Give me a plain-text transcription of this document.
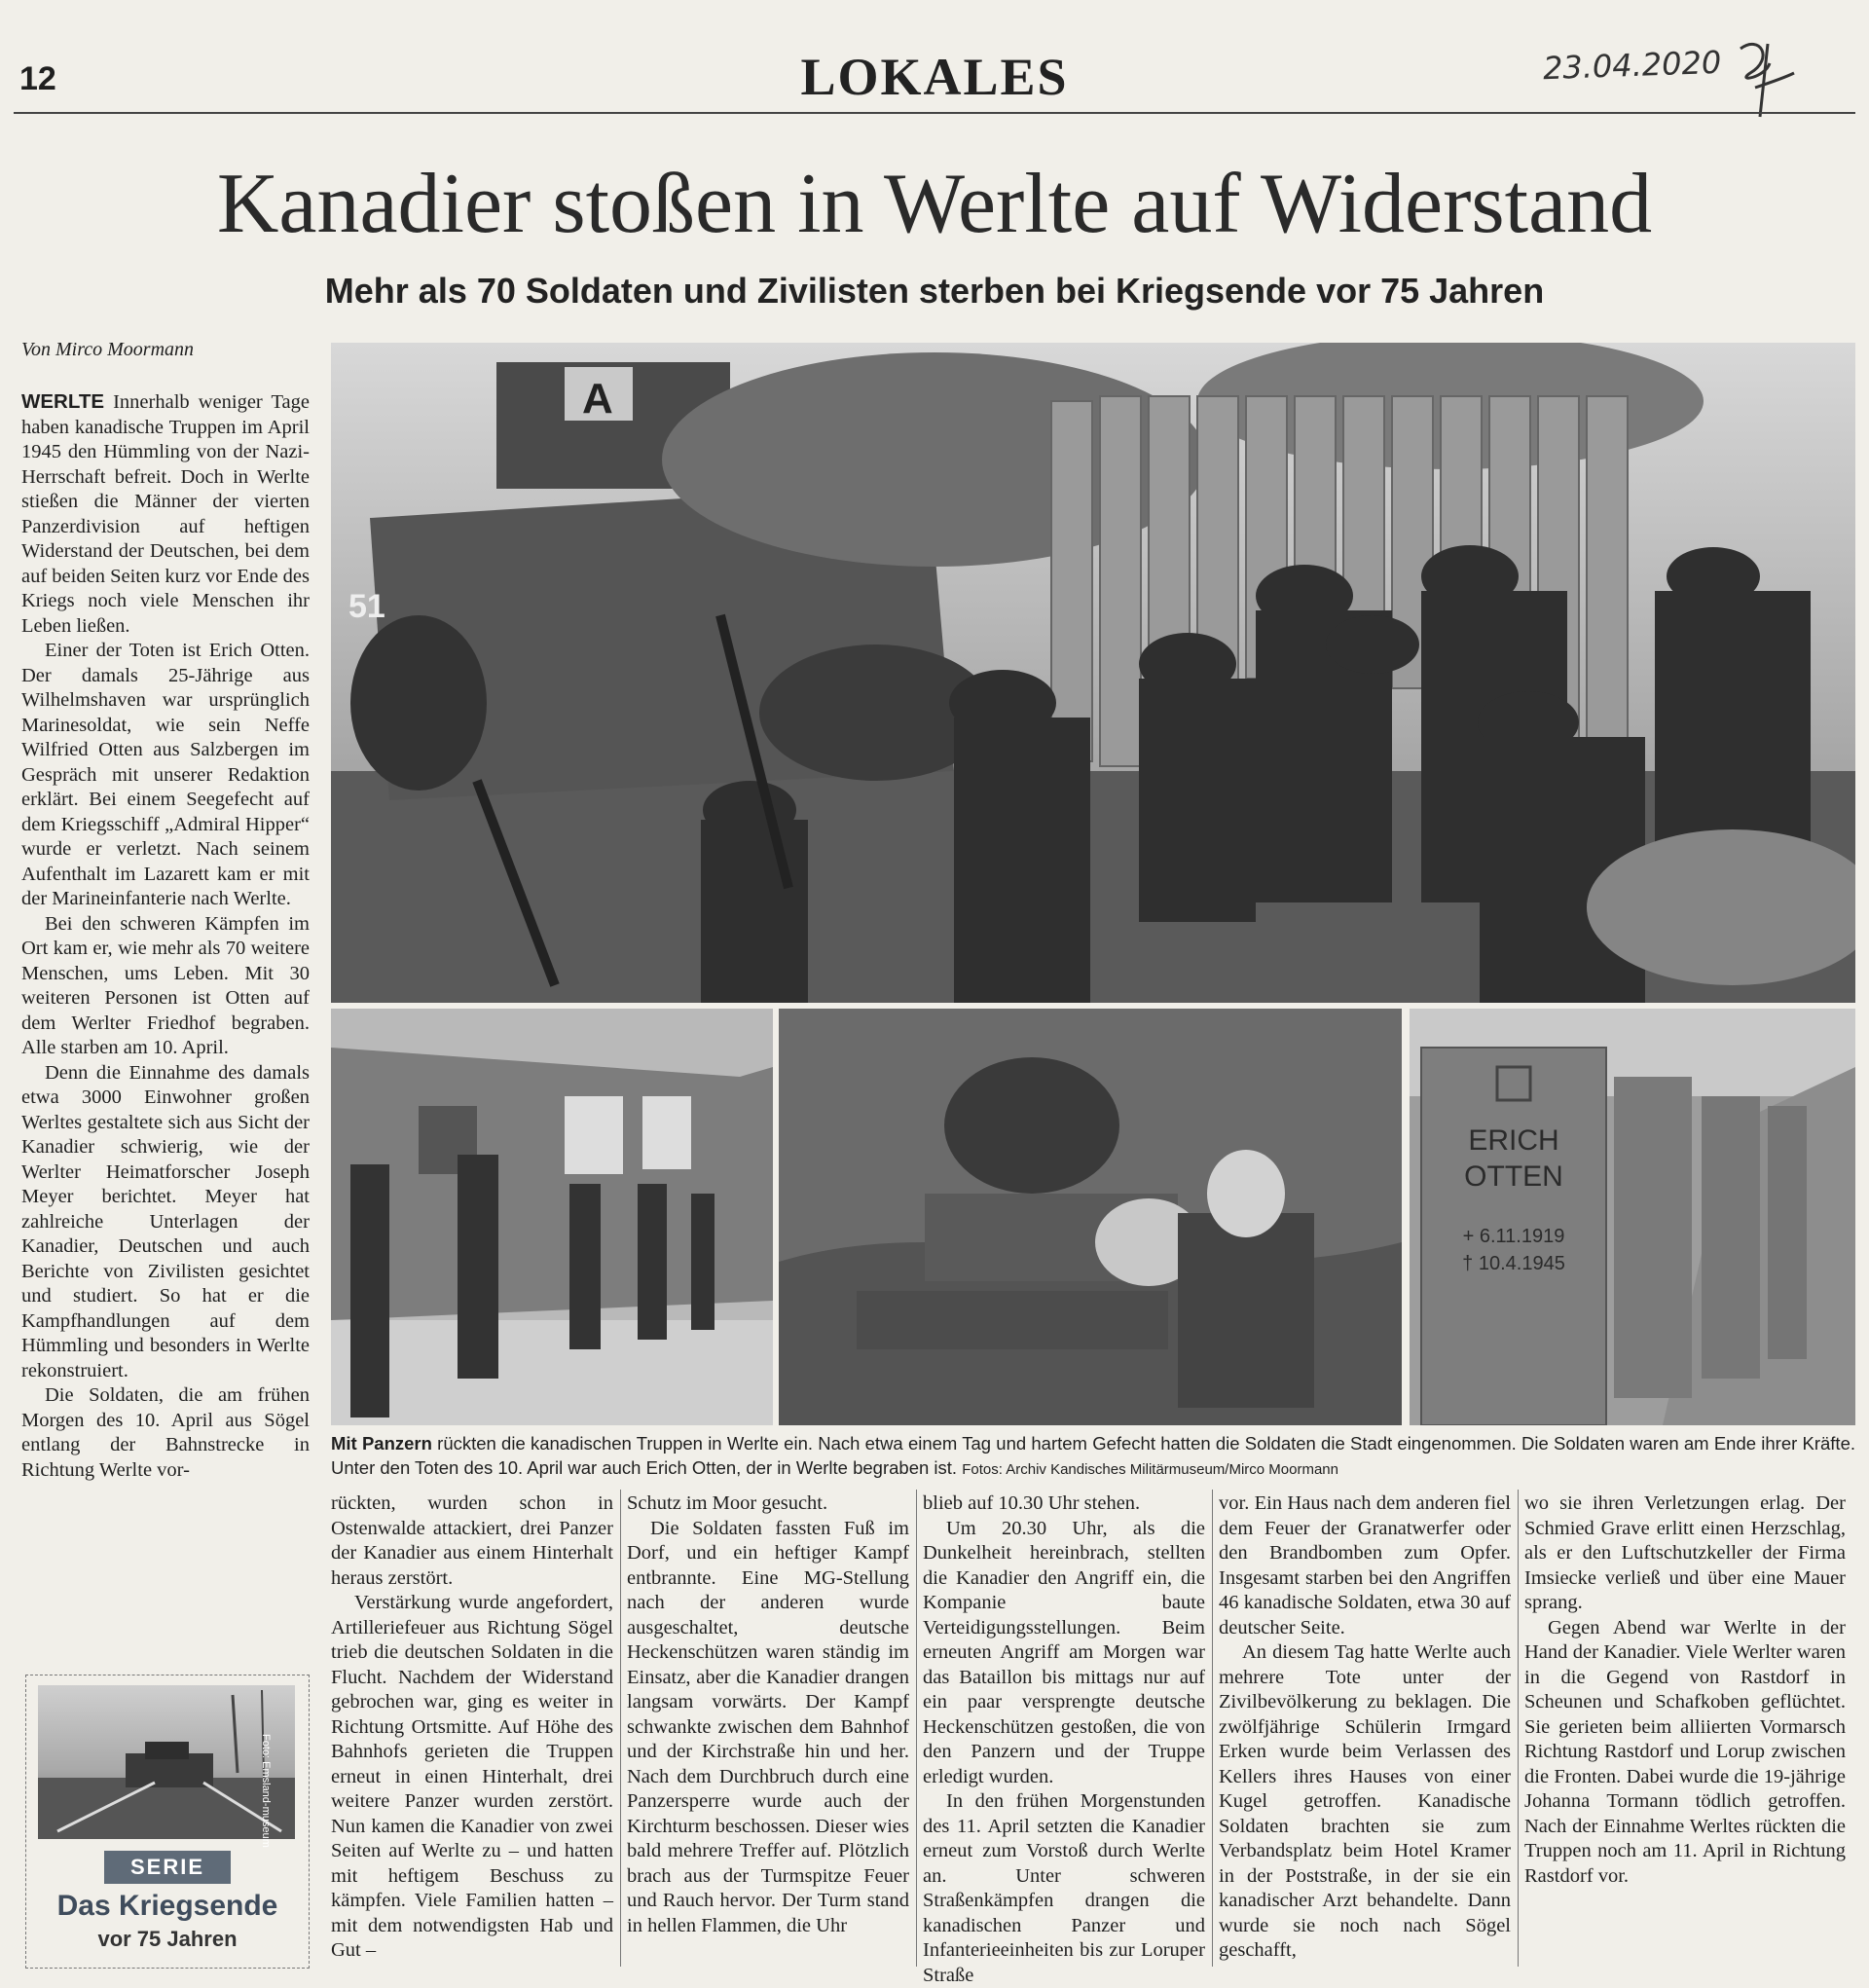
12	LOKALES	23.04.2020
Kanadier stoßen in Werlte auf Widerstand
Mehr als 70 Soldaten und Zivilisten sterben bei Kriegsende vor 75 Jahren
Von Mirco Moormann

WERLTE Innerhalb weniger Tage haben kanadische Truppen im April 1945 den Hümmling von der Nazi-Herrschaft befreit. Doch in Werlte stießen die Männer der vierten Panzerdivision auf heftigen Widerstand der Deutschen, bei dem auf beiden Seiten kurz vor Ende des Kriegs noch viele Menschen ihr Leben ließen.

Einer der Toten ist Erich Otten. Der damals 25-Jährige aus Wilhelmshaven war ursprünglich Marinesoldat, wie sein Neffe Wilfried Otten aus Salzbergen im Gespräch mit unserer Redaktion erklärt. Bei einem Seegefecht auf dem Kriegsschiff „Admiral Hipper“ wurde er verletzt. Nach seinem Aufenthalt im Lazarett kam er mit der Marineinfanterie nach Werlte.

Bei den schweren Kämpfen im Ort kam er, wie mehr als 70 weitere Menschen, ums Leben. Mit 30 weiteren Personen ist Otten auf dem Werlter Friedhof begraben. Alle starben am 10. April.

Denn die Einnahme des damals etwa 3000 Einwohner großen Werltes gestaltete sich aus Sicht der Kanadier schwierig, wie der Werlter Heimatforscher Joseph Meyer berichtet. Meyer hat zahlreiche Unterlagen der Kanadier, Deutschen und auch Berichte von Zivilisten gesichtet und studiert. So hat er die Kampfhandlungen auf dem Hümmling und besonders in Werlte rekonstruiert.

Die Soldaten, die am frühen Morgen des 10. April aus Sögel entlang der Bahnstrecke in Richtung Werlte vor-

Foto: Emsland-museum
SERIE
Das Kriegsende
vor 75 Jahren
A
51
ERICH
OTTEN
+ 6.11.1919
† 10.4.1945
Mit Panzern rückten die kanadischen Truppen in Werlte ein. Nach etwa einem Tag und hartem Gefecht hatten die Soldaten die Stadt eingenommen. Die Soldaten waren am Ende ihrer Kräfte. Unter den Toten des 10. April war auch Erich Otten, der in Werlte begraben ist. Fotos: Archiv Kandisches Militärmuseum/Mirco Moormann

rückten, wurden schon in Ostenwalde attackiert, drei Panzer der Kanadier aus einem Hinterhalt heraus zerstört.

Verstärkung wurde angefordert, Artilleriefeuer aus Richtung Sögel trieb die deutschen Soldaten in die Flucht. Nachdem der Widerstand gebrochen war, ging es weiter in Richtung Ortsmitte. Auf Höhe des Bahnhofs gerieten die Truppen erneut in einen Hinterhalt, drei weitere Panzer wurden zerstört. Nun kamen die Kanadier von zwei Seiten auf Werlte zu – und hatten mit heftigem Beschuss zu kämpfen. Viele Familien hatten – mit dem notwendigsten Hab und Gut –

Schutz im Moor gesucht.

Die Soldaten fassten Fuß im Dorf, und ein heftiger Kampf entbrannte. Eine MG-Stellung nach der anderen wurde ausgeschaltet, deutsche Heckenschützen waren ständig im Einsatz, aber die Kanadier drangen langsam vorwärts. Der Kampf schwankte zwischen dem Bahnhof und der Kirchstraße hin und her. Nach dem Durchbruch durch eine Panzersperre wurde auch der Kirchturm beschossen. Dieser wies bald mehrere Treffer auf. Plötzlich brach aus der Turmspitze Feuer und Rauch hervor. Der Turm stand in hellen Flammen, die Uhr

blieb auf 10.30 Uhr stehen.

Um 20.30 Uhr, als die Dunkelheit hereinbrach, stellten die Kanadier den Angriff ein, die Kompanie baute Verteidigungsstellungen. Beim erneuten Angriff am Morgen war das Bataillon bis mittags nur auf ein paar versprengte deutsche Heckenschützen gestoßen, die von den Panzern und der Truppe erledigt wurden.

In den frühen Morgenstunden des 11. April setzten die Kanadier erneut zum Vorstoß durch Werlte an. Unter schweren Straßenkämpfen drangen die kanadischen Panzer und Infanterieeinheiten bis zur Loruper Straße

vor. Ein Haus nach dem anderen fiel dem Feuer der Granatwerfer oder den Brandbomben zum Opfer. Insgesamt starben bei den Angriffen 46 kanadische Soldaten, etwa 30 auf deutscher Seite.

An diesem Tag hatte Werlte auch mehrere Tote unter der Zivilbevölkerung zu beklagen. Die zwölfjährige Schülerin Irmgard Erken wurde beim Verlassen des Kellers ihres Hauses von einer Kugel getroffen. Kanadische Soldaten brachten sie zum Verbandsplatz beim Hotel Kramer in der Poststraße, in der sie ein kanadischer Arzt behandelte. Dann wurde sie noch nach Sögel geschafft,

wo sie ihren Verletzungen erlag. Der Schmied Grave erlitt einen Herzschlag, als er den Luftschutzkeller der Firma Imsiecke verließ und über eine Mauer sprang.

Gegen Abend war Werlte in der Hand der Kanadier. Viele Werlter waren in die Gegend von Rastdorf in Scheunen und Schafkoben geflüchtet. Sie gerieten beim alliierten Vormarsch Richtung Rastdorf und Lorup zwischen die Fronten. Dabei wurde die 19-jährige Johanna Tormann tödlich getroffen. Nach der Einnahme Werltes rückten die Truppen noch am 11. April in Richtung Rastdorf vor.
